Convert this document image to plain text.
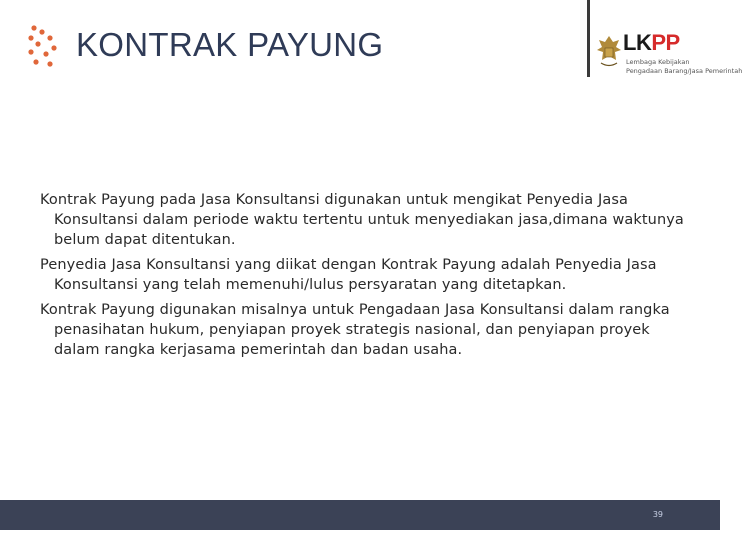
KONTRAK PAYUNG	LKPP
Lembaga Kebijakan
Pengadaan Barang/Jasa Pemerintah

Kontrak Payung pada Jasa Konsultansi digunakan untuk mengikat Penyedia Jasa Konsultansi dalam periode waktu tertentu untuk menyediakan jasa,dimana waktunya belum dapat ditentukan.

Penyedia Jasa Konsultansi yang diikat dengan Kontrak Payung adalah Penyedia Jasa Konsultansi yang telah memenuhi/lulus persyaratan yang ditetapkan.

Kontrak Payung digunakan misalnya untuk Pengadaan Jasa Konsultansi dalam rangka penasihatan hukum, penyiapan proyek strategis nasional, dan penyiapan proyek dalam rangka kerjasama pemerintah dan badan usaha.

39
